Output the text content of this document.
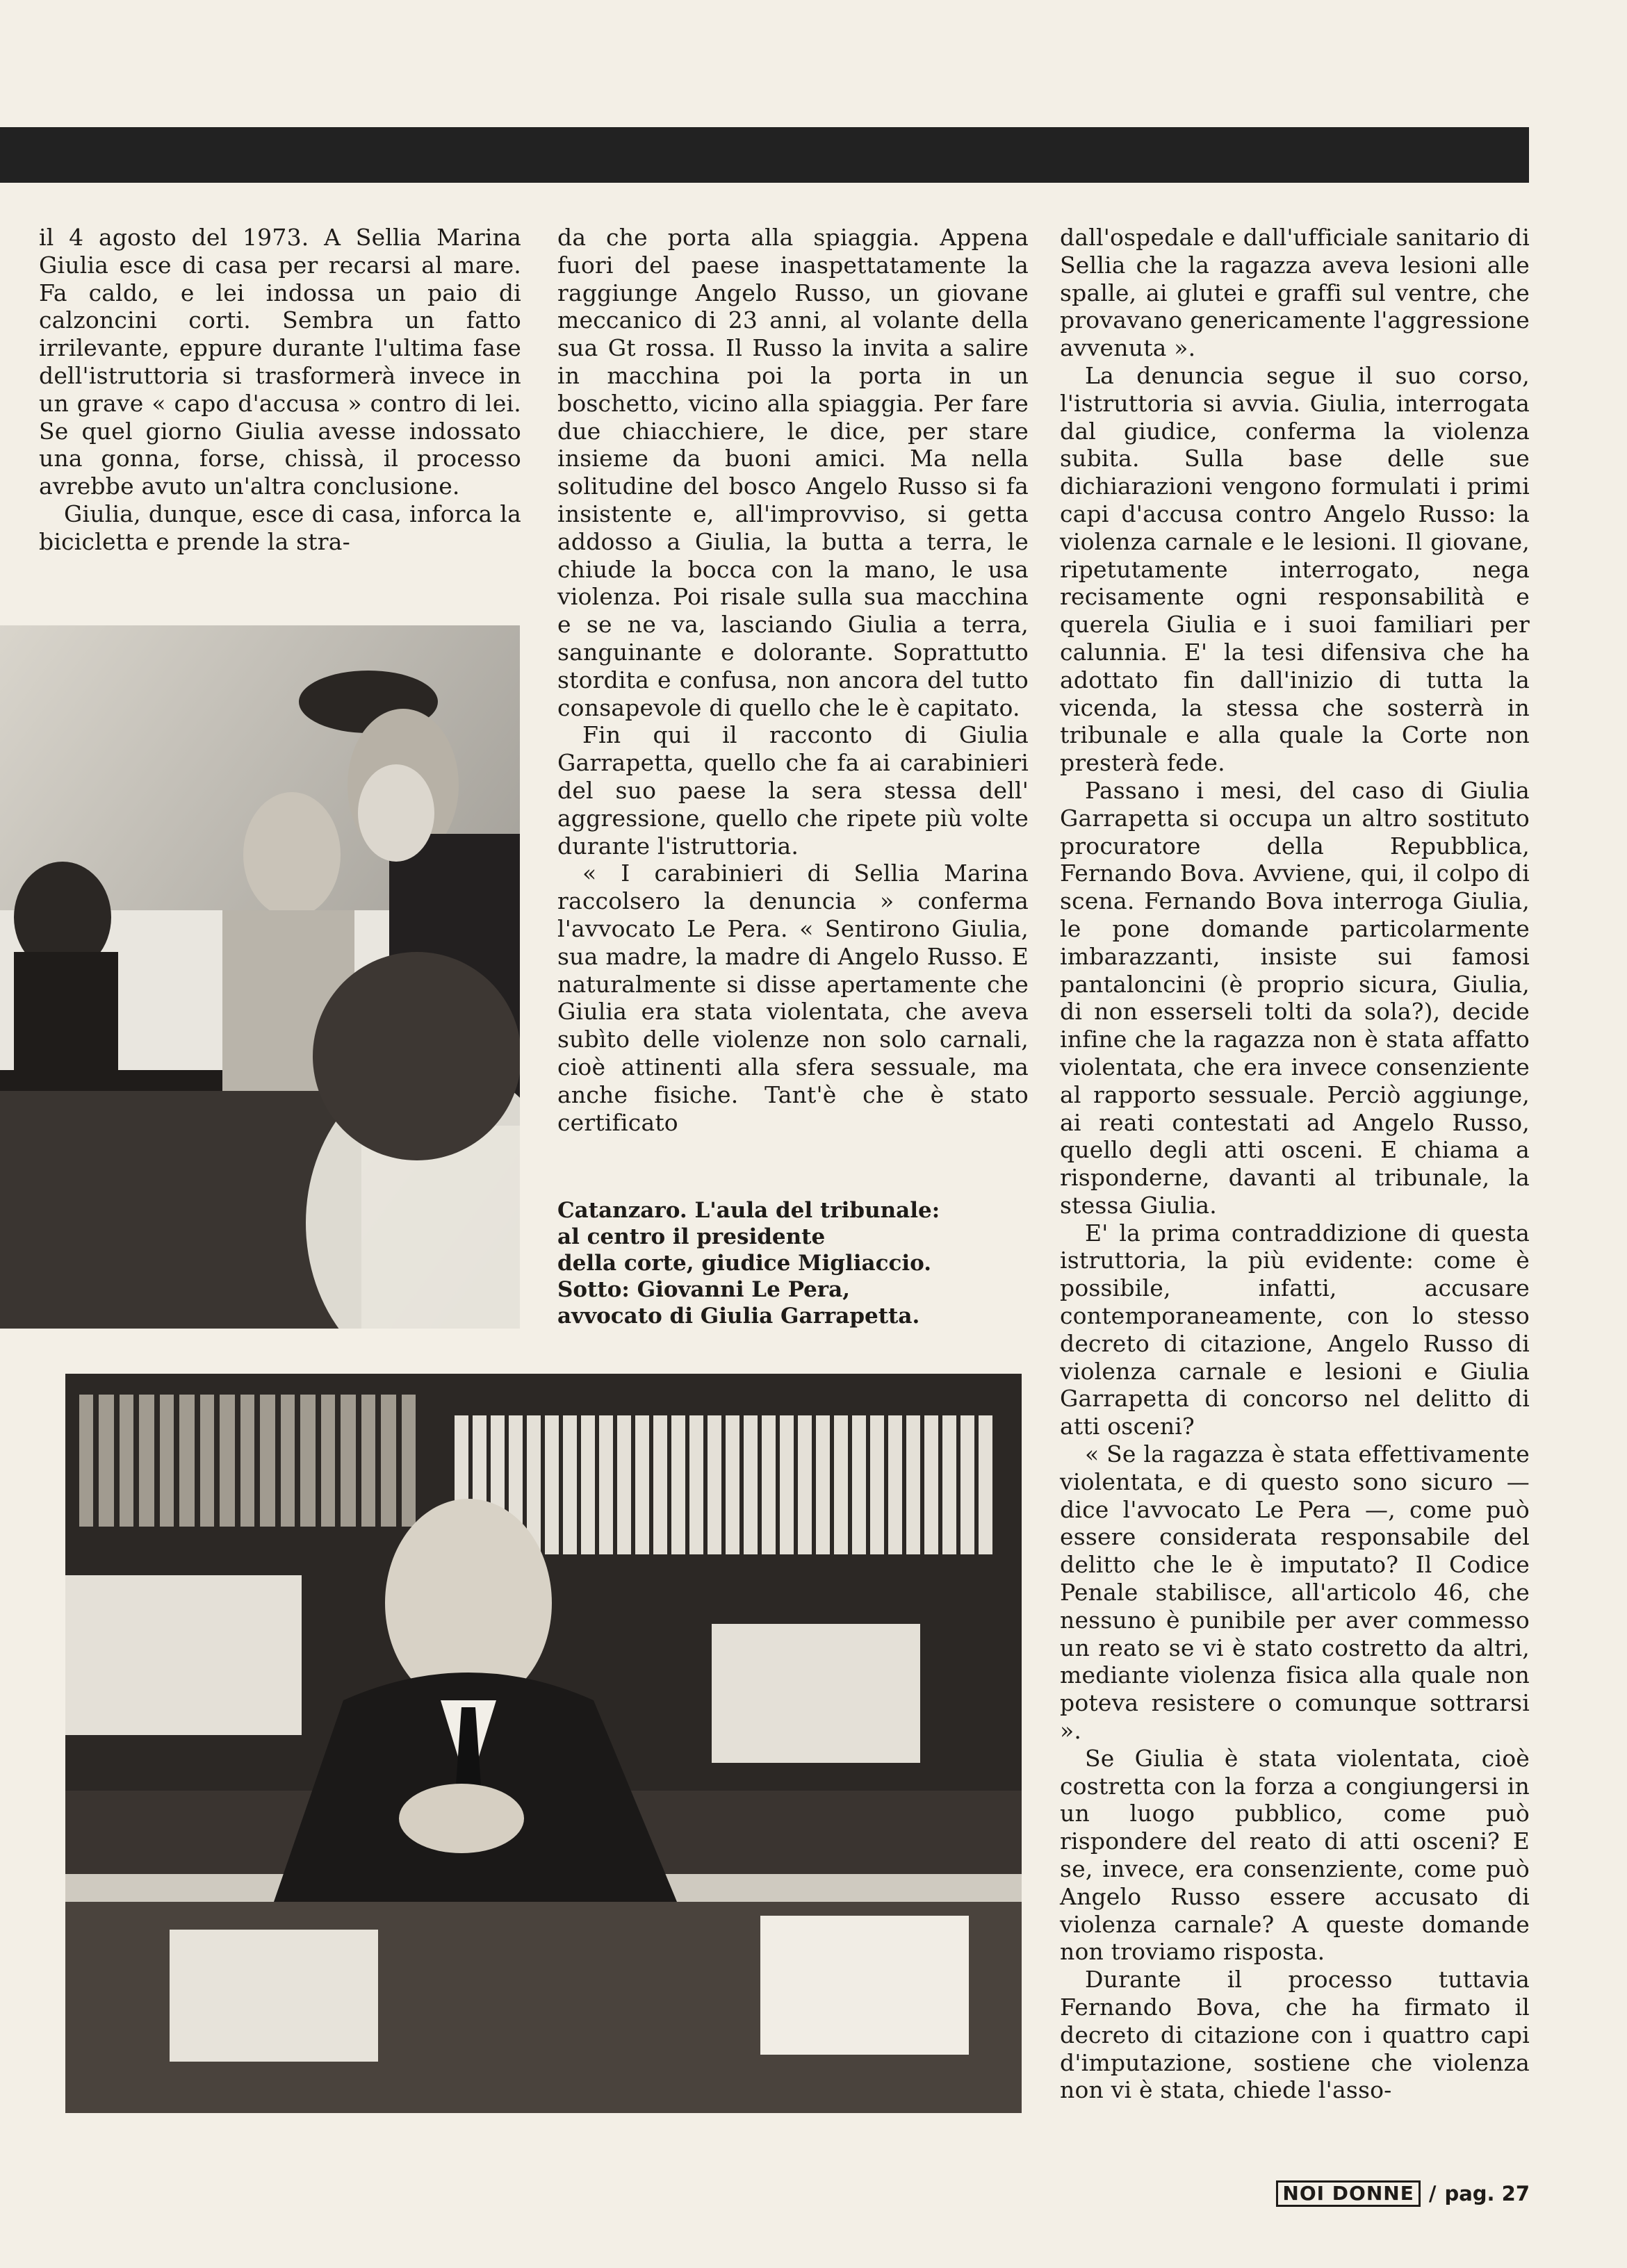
il 4 agosto del 1973. A Sellia Marina Giulia esce di casa per recarsi al mare. Fa caldo, e lei indossa un paio di calzoncini corti. Sembra un fatto irrilevante, eppure durante l'ultima fase dell'istruttoria si trasformerà invece in un grave « capo d'accusa » contro di lei. Se quel giorno Giulia avesse indossato una gonna, forse, chissà, il processo avrebbe avuto un'altra conclusione.

Giulia, dunque, esce di casa, inforca la bicicletta e prende la stra-

da che porta alla spiaggia. Appena fuori del paese inaspettatamente la raggiunge Angelo Russo, un giovane meccanico di 23 anni, al volante della sua Gt rossa. Il Russo la invita a salire in macchina poi la porta in un boschetto, vicino alla spiaggia. Per fare due chiacchiere, le dice, per stare insieme da buoni amici. Ma nella solitudine del bosco Angelo Russo si fa insistente e, all'improvviso, si getta addosso a Giulia, la butta a terra, le chiude la bocca con la mano, le usa violenza. Poi risale sulla sua macchina e se ne va, lasciando Giulia a terra, sanguinante e dolorante. Soprattutto stordita e confusa, non ancora del tutto consapevole di quello che le è capitato.

Fin qui il racconto di Giulia Garrapetta, quello che fa ai carabinieri del suo paese la sera stessa dell' aggressione, quello che ripete più volte durante l'istruttoria.

« I carabinieri di Sellia Marina raccolsero la denuncia » conferma l'avvocato Le Pera. « Sentirono Giulia, sua madre, la madre di Angelo Russo. E naturalmente si disse apertamente che Giulia era stata violentata, che aveva subìto delle violenze non solo carnali, cioè attinenti alla sfera sessuale, ma anche fisiche. Tant'è che è stato certificato

Catanzaro. L'aula del tribunale:
al centro il presidente
della corte, giudice Migliaccio.
Sotto: Giovanni Le Pera,
avvocato di Giulia Garrapetta.

dall'ospedale e dall'ufficiale sanitario di Sellia che la ragazza aveva lesioni alle spalle, ai glutei e graffi sul ventre, che provavano genericamente l'aggressione avvenuta ».

La denuncia segue il suo corso, l'istruttoria si avvia. Giulia, interrogata dal giudice, conferma la violenza subita. Sulla base delle sue dichiarazioni vengono formulati i primi capi d'accusa contro Angelo Russo: la violenza carnale e le lesioni. Il giovane, ripetutamente interrogato, nega recisamente ogni responsabilità e querela Giulia e i suoi familiari per calunnia. E' la tesi difensiva che ha adottato fin dall'inizio di tutta la vicenda, la stessa che sosterrà in tribunale e alla quale la Corte non presterà fede.

Passano i mesi, del caso di Giulia Garrapetta si occupa un altro sostituto procuratore della Repubblica, Fernando Bova. Avviene, qui, il colpo di scena. Fernando Bova interroga Giulia, le pone domande particolarmente imbarazzanti, insiste sui famosi pantaloncini (è proprio sicura, Giulia, di non esserseli tolti da sola?), decide infine che la ragazza non è stata affatto violentata, che era invece consenziente al rapporto sessuale. Perciò aggiunge, ai reati contestati ad Angelo Russo, quello degli atti osceni. E chiama a risponderne, davanti al tribunale, la stessa Giulia.

E' la prima contraddizione di questa istruttoria, la più evidente: come è possibile, infatti, accusare contemporaneamente, con lo stesso decreto di citazione, Angelo Russo di violenza carnale e lesioni e Giulia Garrapetta di concorso nel delitto di atti osceni?

« Se la ragazza è stata effettivamente violentata, e di questo sono sicuro — dice l'avvocato Le Pera —, come può essere considerata responsabile del delitto che le è imputato? Il Codice Penale stabilisce, all'articolo 46, che nessuno è punibile per aver commesso un reato se vi è stato costretto da altri, mediante violenza fisica alla quale non poteva resistere o comunque sottrarsi ».

Se Giulia è stata violentata, cioè costretta con la forza a congiungersi in un luogo pubblico, come può rispondere del reato di atti osceni? E se, invece, era consenziente, come può Angelo Russo essere accusato di violenza carnale? A queste domande non troviamo risposta.

Durante il processo tuttavia Fernando Bova, che ha firmato il decreto di citazione con i quattro capi d'imputazione, sostiene che violenza non vi è stata, chiede l'asso-

NOI DONNE / pag. 27
